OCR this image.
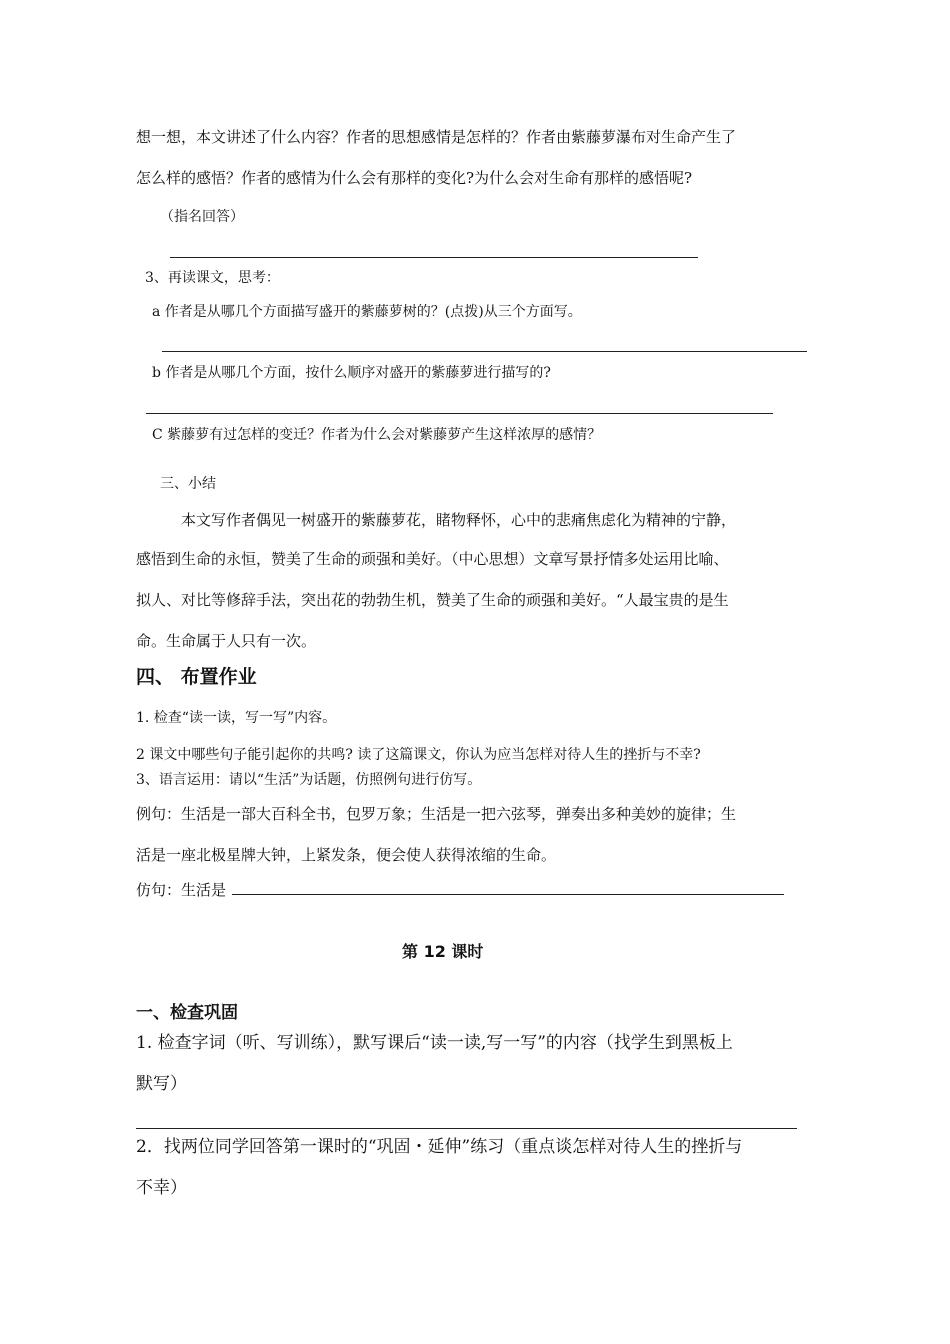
想一想，本文讲述了什么内容？作者的思想感情是怎样的？作者由紫藤萝瀑布对生命产生了
怎么样的感悟？作者的感情为什么会有那样的变化?为什么会对生命有那样的感悟呢?
（指名回答）
3、再读课文，思考：
a 作者是从哪几个方面描写盛开的紫藤萝树的？(点拨)从三个方面写。
b 作者是从哪几个方面，按什么顺序对盛开的紫藤萝进行描写的?
C 紫藤萝有过怎样的变迁？作者为什么会对紫藤萝产生这样浓厚的感情？
三、小结
本文写作者偶见一树盛开的紫藤萝花，睹物释怀，心中的悲痛焦虑化为精神的宁静，
感悟到生命的永恒，赞美了生命的顽强和美好。（中心思想）文章写景抒情多处运用比喻、
拟人、对比等修辞手法，突出花的勃勃生机，赞美了生命的顽强和美好。“人最宝贵的是生
命。生命属于人只有一次。
四、 布置作业
1. 检查“读一读，写一写”内容。
2 课文中哪些句子能引起你的共鸣? 读了这篇课文，你认为应当怎样对待人生的挫折与不幸?
3、语言运用：请以“生活”为话题，仿照例句进行仿写。
例句：生活是一部大百科全书，包罗万象；生活是一把六弦琴，弹奏出多种美妙的旋律；生
活是一座北极星牌大钟，上紧发条，便会使人获得浓缩的生命。
仿句：生活是
第 12 课时
一、检查巩固
1. 检查字词（听、写训练），默写课后“读一读,写一写”的内容（找学生到黑板上
默写）
2．找两位同学回答第一课时的“巩固・延伸”练习（重点谈怎样对待人生的挫折与
不幸）
